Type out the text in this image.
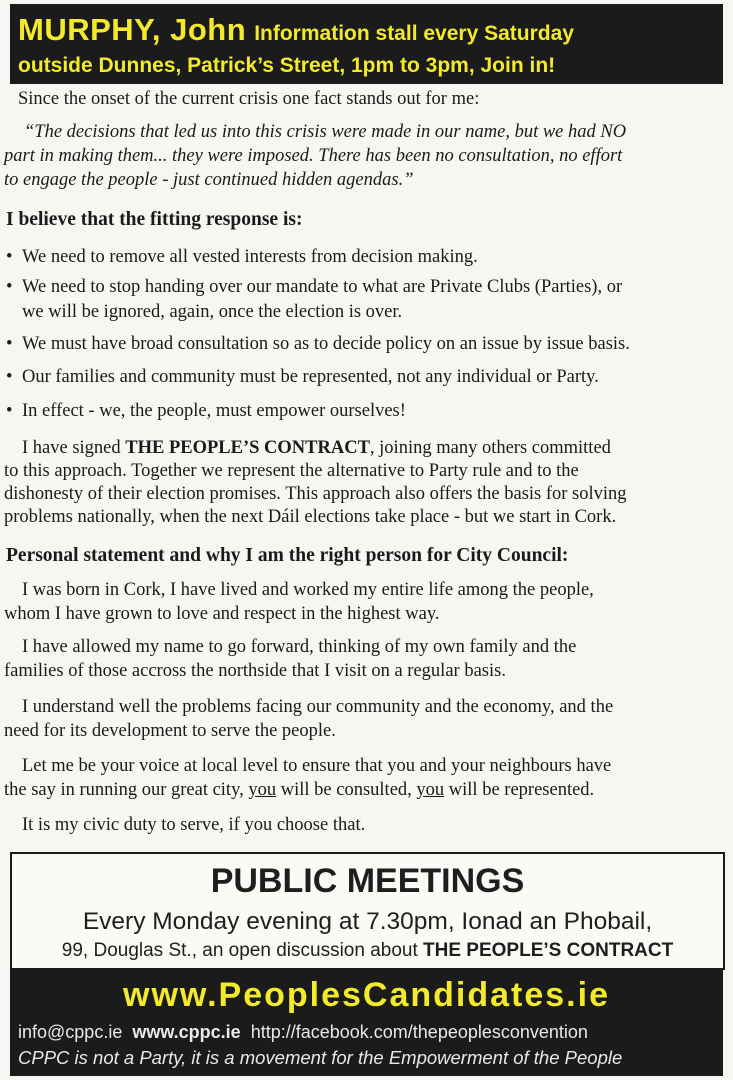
MURPHY, John Information stall every Saturday
outside Dunnes, Patrick’s Street, 1pm to 3pm, Join in!
Since the onset of the current crisis one fact stands out for me:
“The decisions that led us into this crisis were made in our name, but we had NO
part in making them... they were imposed. There has been no consultation, no effort
to engage the people - just continued hidden agendas.”
I believe that the fitting response is:
• We need to remove all vested interests from decision making.
• We need to stop handing over our mandate to what are Private Clubs (Parties), or
we will be ignored, again, once the election is over.
• We must have broad consultation so as to decide policy on an issue by issue basis.
• Our families and community must be represented, not any individual or Party.
• In effect - we, the people, must empower ourselves!
I have signed THE PEOPLE’S CONTRACT, joining many others committed
to this approach. Together we represent the alternative to Party rule and to the
dishonesty of their election promises. This approach also offers the basis for solving
problems nationally, when the next Dáil elections take place - but we start in Cork.
Personal statement and why I am the right person for City Council:
I was born in Cork, I have lived and worked my entire life among the people,
whom I have grown to love and respect in the highest way.
I have allowed my name to go forward, thinking of my own family and the
families of those accross the northside that I visit on a regular basis.
I understand well the problems facing our community and the economy, and the
need for its development to serve the people.
Let me be your voice at local level to ensure that you and your neighbours have
the say in running our great city, you will be consulted, you will be represented.
It is my civic duty to serve, if you choose that.
PUBLIC MEETINGS
Every Monday evening at 7.30pm, Ionad an Phobail,
99, Douglas St., an open discussion about THE PEOPLE’S CONTRACT
www.PeoplesCandidates.ie
info@cppc.ie www.cppc.ie http://facebook.com/thepeoplesconvention
CPPC is not a Party, it is a movement for the Empowerment of the People
